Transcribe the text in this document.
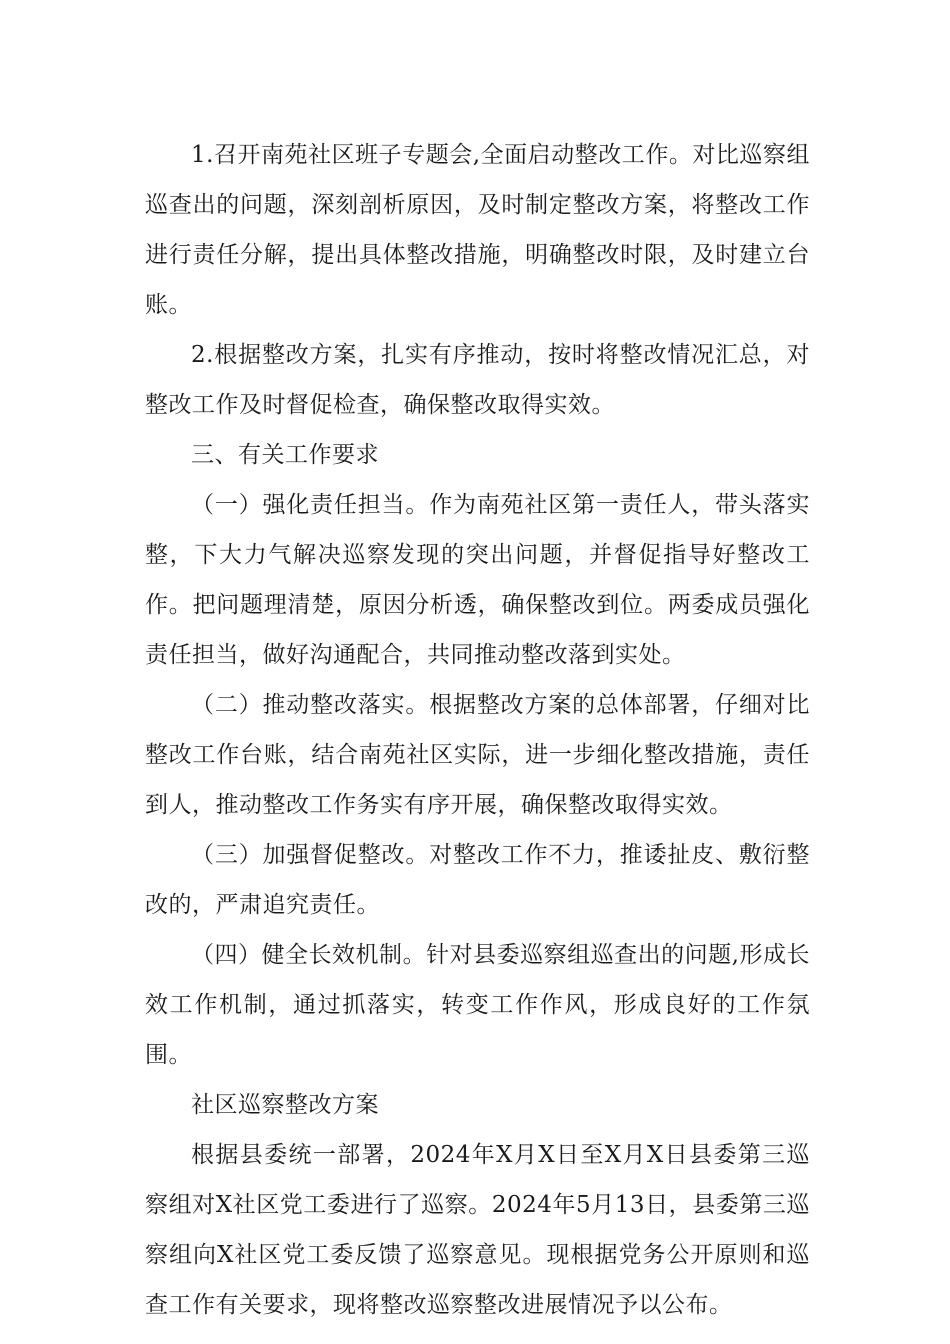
1.召开南苑社区班子专题会,全面启动整改工作。对比巡察组巡查出的问题，深刻剖析原因，及时制定整改方案，将整改工作进行责任分解，提出具体整改措施，明确整改时限，及时建立台账。

2.根据整改方案，扎实有序推动，按时将整改情况汇总，对整改工作及时督促检查，确保整改取得实效。

三、有关工作要求

（一）强化责任担当。作为南苑社区第一责任人，带头落实整，下大力气解决巡察发现的突出问题，并督促指导好整改工作。把问题理清楚，原因分析透，确保整改到位。两委成员强化责任担当，做好沟通配合，共同推动整改落到实处。

（二）推动整改落实。根据整改方案的总体部署，仔细对比整改工作台账，结合南苑社区实际，进一步细化整改措施，责任到人，推动整改工作务实有序开展，确保整改取得实效。

（三）加强督促整改。对整改工作不力，推诿扯皮、敷衍整改的，严肃追究责任。

（四）健全长效机制。针对县委巡察组巡查出的问题,形成长效工作机制，通过抓落实，转变工作作风，形成良好的工作氛围。

社区巡察整改方案

根据县委统一部署，2024年X月X日至X月X日县委第三巡察组对X社区党工委进行了巡察。2024年5月13日，县委第三巡察组向X社区党工委反馈了巡察意见。现根据党务公开原则和巡查工作有关要求，现将整改巡察整改进展情况予以公布。
